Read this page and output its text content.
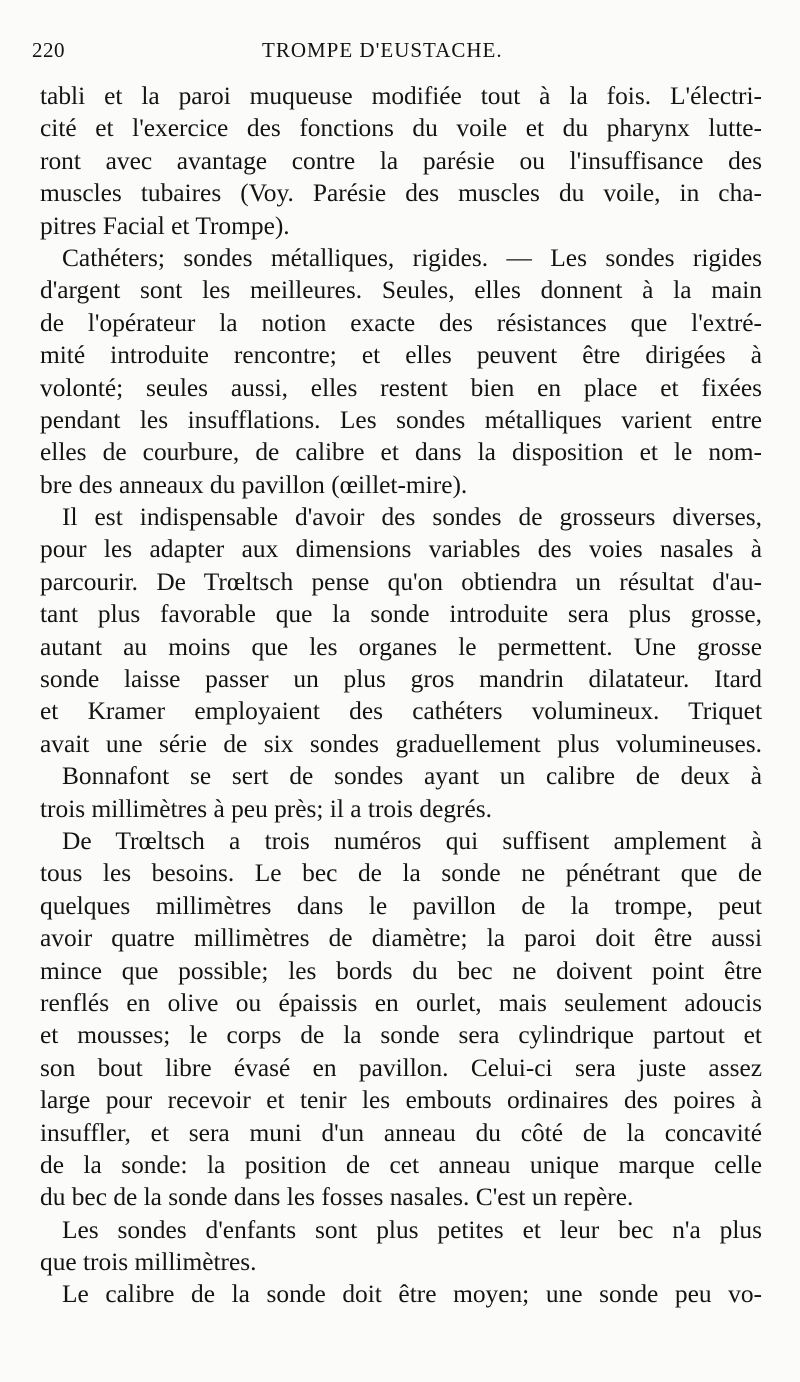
220	TROMPE D'EUSTACHE.
tabli et la paroi muqueuse modifiée tout à la fois. L'électri-
cité et l'exercice des fonctions du voile et du pharynx lutte-
ront avec avantage contre la parésie ou l'insuffisance des
muscles tubaires (Voy. Parésie des muscles du voile, in cha-
pitres Facial et Trompe).
Cathéters; sondes métalliques, rigides. — Les sondes rigides
d'argent sont les meilleures. Seules, elles donnent à la main
de l'opérateur la notion exacte des résistances que l'extré-
mité introduite rencontre; et elles peuvent être dirigées à
volonté; seules aussi, elles restent bien en place et fixées
pendant les insufflations. Les sondes métalliques varient entre
elles de courbure, de calibre et dans la disposition et le nom-
bre des anneaux du pavillon (œillet-mire).
Il est indispensable d'avoir des sondes de grosseurs diverses,
pour les adapter aux dimensions variables des voies nasales à
parcourir. De Trœltsch pense qu'on obtiendra un résultat d'au-
tant plus favorable que la sonde introduite sera plus grosse,
autant au moins que les organes le permettent. Une grosse
sonde laisse passer un plus gros mandrin dilatateur. Itard
et Kramer employaient des cathéters volumineux. Triquet
avait une série de six sondes graduellement plus volumineuses.
Bonnafont se sert de sondes ayant un calibre de deux à
trois millimètres à peu près; il a trois degrés.
De Trœltsch a trois numéros qui suffisent amplement à
tous les besoins. Le bec de la sonde ne pénétrant que de
quelques millimètres dans le pavillon de la trompe, peut
avoir quatre millimètres de diamètre; la paroi doit être aussi
mince que possible; les bords du bec ne doivent point être
renflés en olive ou épaissis en ourlet, mais seulement adoucis
et mousses; le corps de la sonde sera cylindrique partout et
son bout libre évasé en pavillon. Celui-ci sera juste assez
large pour recevoir et tenir les embouts ordinaires des poires à
insuffler, et sera muni d'un anneau du côté de la concavité
de la sonde: la position de cet anneau unique marque celle
du bec de la sonde dans les fosses nasales. C'est un repère.
Les sondes d'enfants sont plus petites et leur bec n'a plus
que trois millimètres.
Le calibre de la sonde doit être moyen; une sonde peu vo-
